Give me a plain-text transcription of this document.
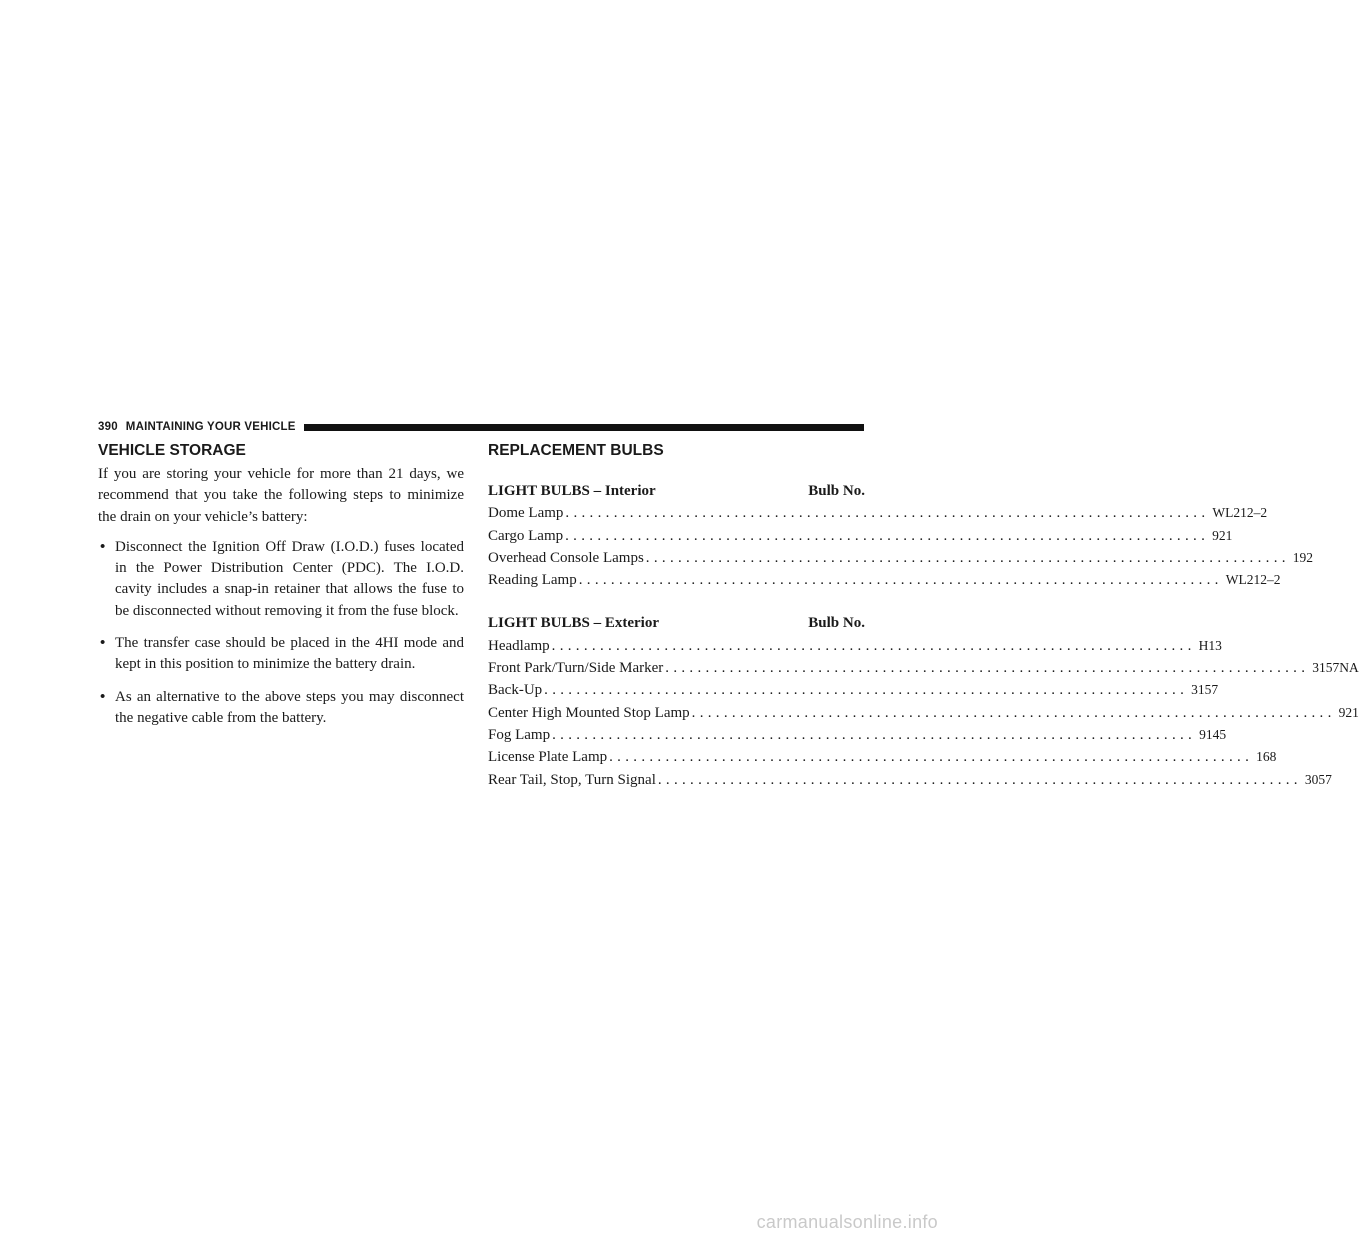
390 MAINTAINING YOUR VEHICLE
VEHICLE STORAGE

If you are storing your vehicle for more than 21 days, we recommend that you take the following steps to minimize the drain on your vehicle’s battery:

• Disconnect the Ignition Off Draw (I.O.D.) fuses located in the Power Distribution Center (PDC). The I.O.D. cavity includes a snap-in retainer that allows the fuse to be disconnected without removing it from the fuse block.
• The transfer case should be placed in the 4HI mode and kept in this position to minimize the battery drain.
• As an alternative to the above steps you may disconnect the negative cable from the battery.
REPLACEMENT BULBS
LIGHT BULBS – Interior	Bulb No.
Dome Lamp ................................................................................ WL212–2
Cargo Lamp ................................................................................ 921
Overhead Console Lamps ................................................................................ 192
Reading Lamp ................................................................................ WL212–2
LIGHT BULBS – Exterior	Bulb No.
Headlamp ................................................................................ H13
Front Park/Turn/Side Marker ................................................................................ 3157NA
Back-Up ................................................................................ 3157
Center High Mounted Stop Lamp ................................................................................ 921
Fog Lamp ................................................................................ 9145
License Plate Lamp ................................................................................ 168
Rear Tail, Stop, Turn Signal ................................................................................ 3057
carmanualsonline.info
